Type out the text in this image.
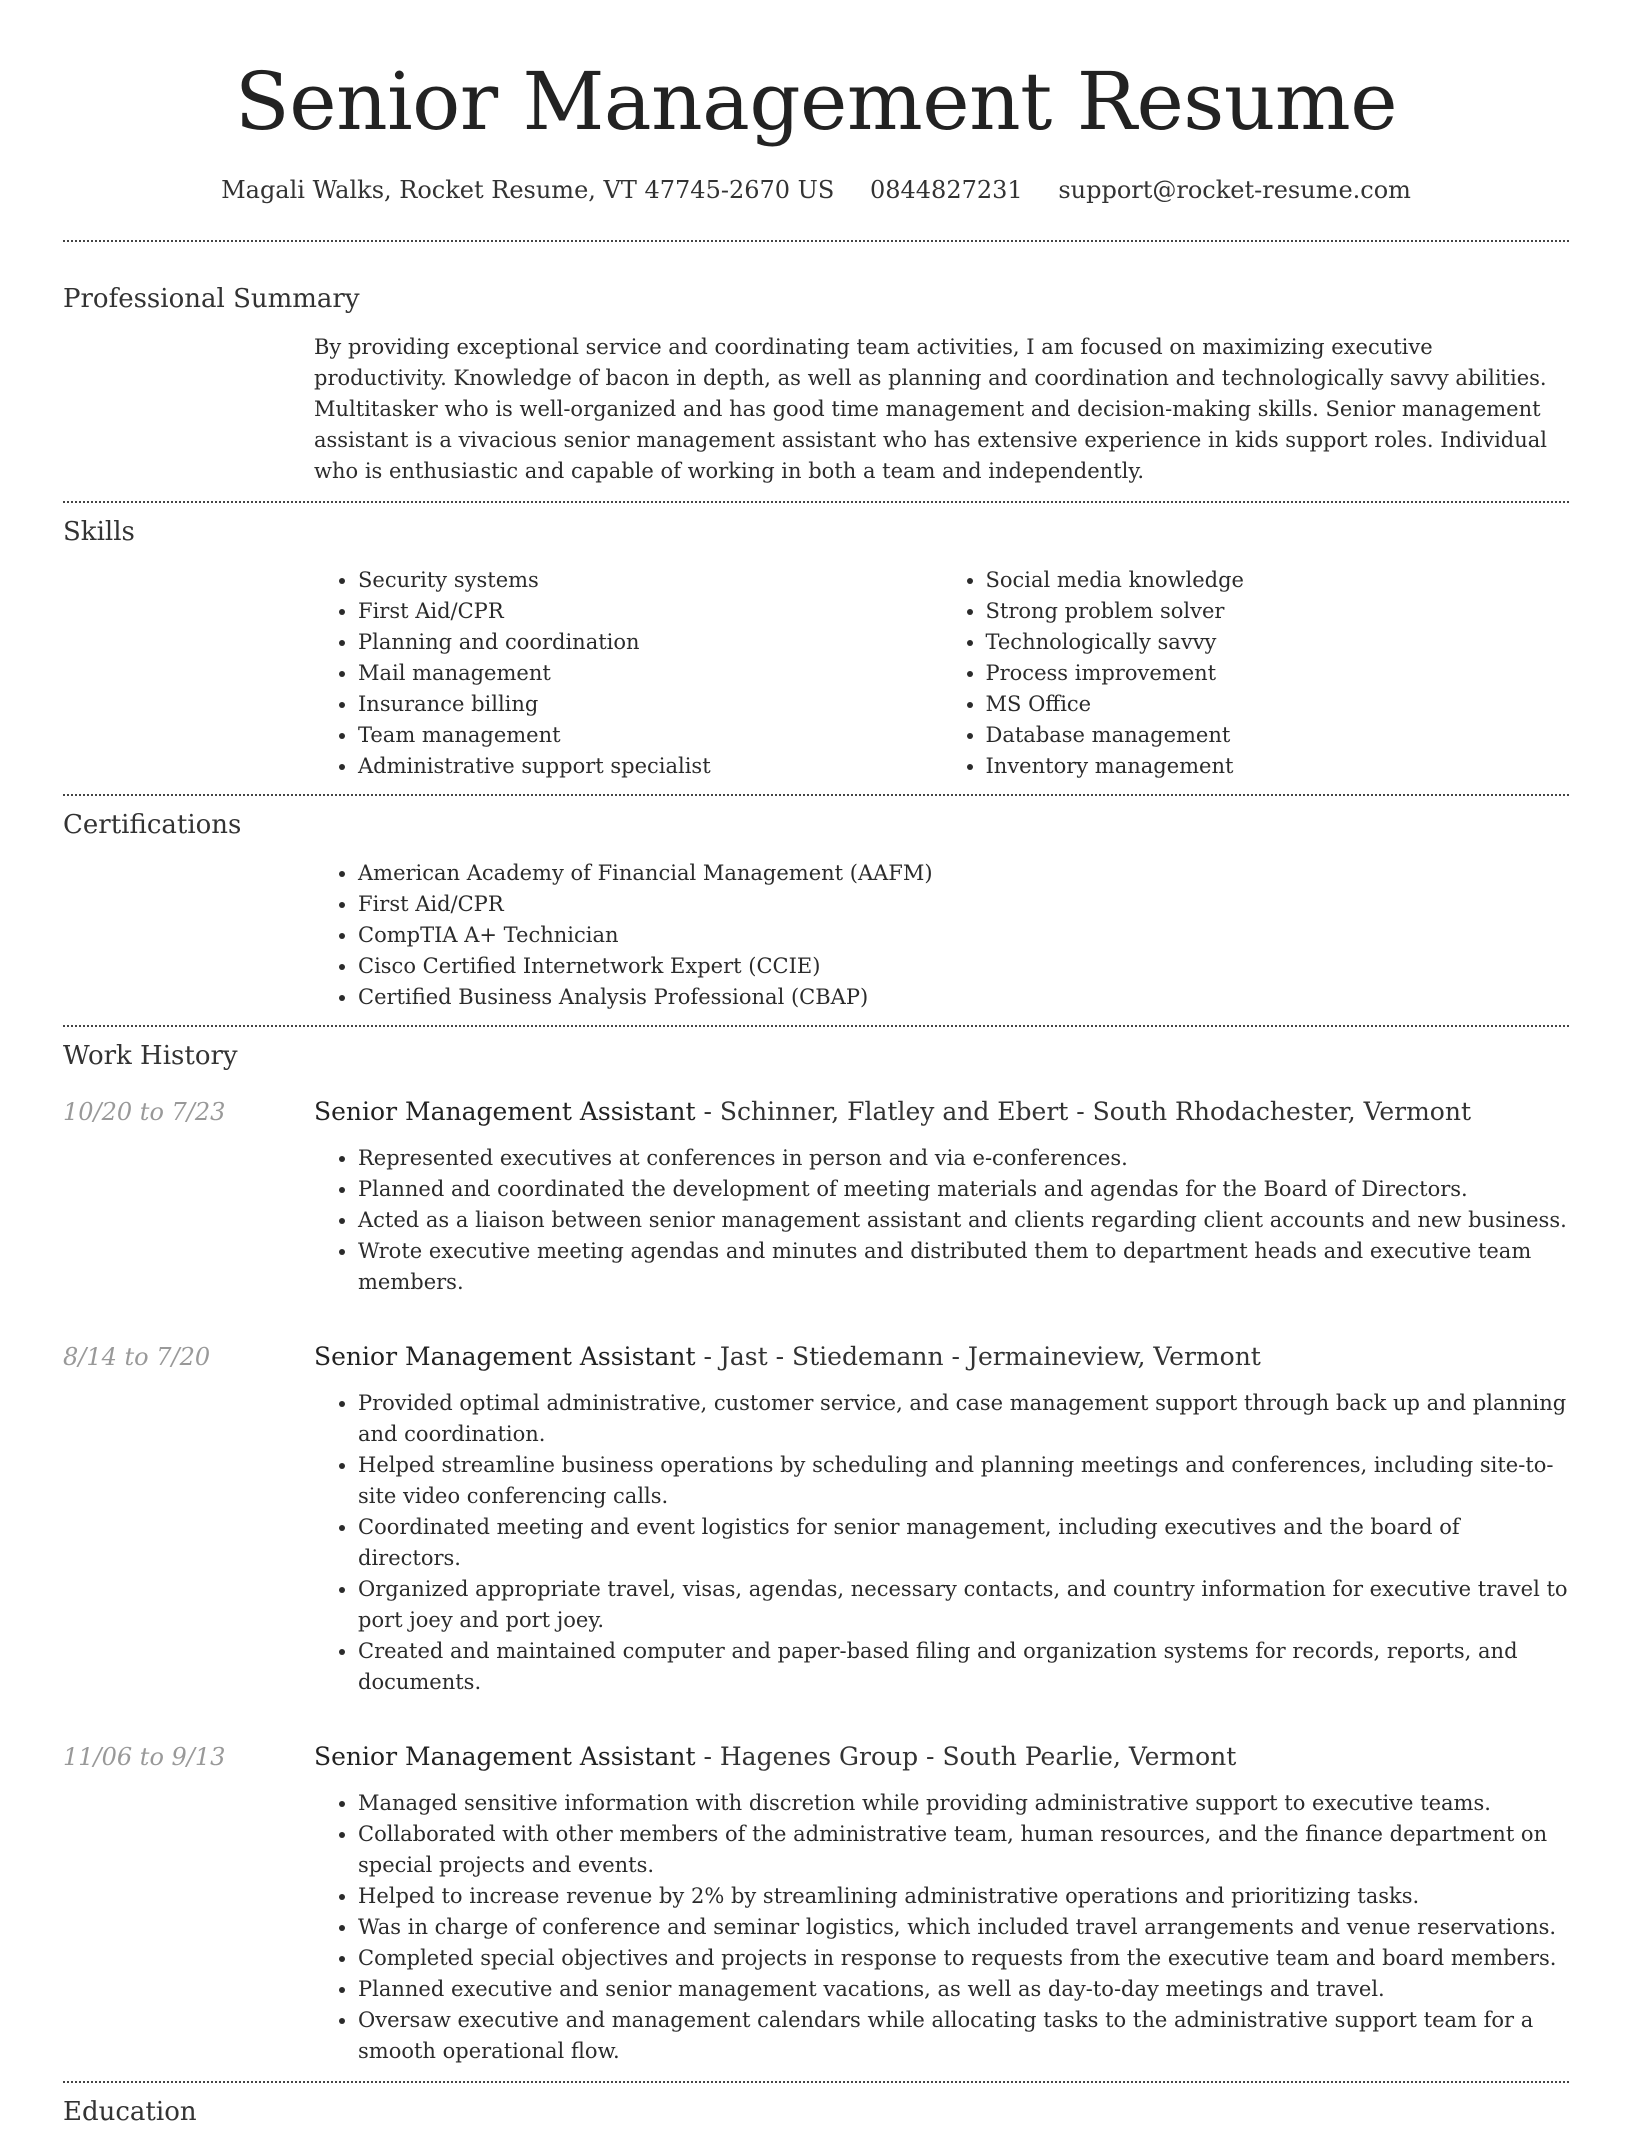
Senior Management Resume
Magali Walks, Rocket Resume, VT 47745-2670 US 0844827231 support@rocket-resume.com
Professional Summary
By providing exceptional service and coordinating team activities, I am focused on maximizing executive productivity. Knowledge of bacon in depth, as well as planning and coordination and technologically savvy abilities. Multitasker who is well-organized and has good time management and decision-making skills. Senior management assistant is a vivacious senior management assistant who has extensive experience in kids support roles. Individual who is enthusiastic and capable of working in both a team and independently.
Skills
• Security systems
• First Aid/CPR
• Planning and coordination
• Mail management
• Insurance billing
• Team management
• Administrative support specialist
• Social media knowledge
• Strong problem solver
• Technologically savvy
• Process improvement
• MS Office
• Database management
• Inventory management
Certifications
• American Academy of Financial Management (AAFM)
• First Aid/CPR
• CompTIA A+ Technician
• Cisco Certified Internetwork Expert (CCIE)
• Certified Business Analysis Professional (CBAP)
Work History
10/20 to 7/23	Senior Management Assistant - Schinner, Flatley and Ebert - South Rhodachester, Vermont
• Represented executives at conferences in person and via e-conferences.
• Planned and coordinated the development of meeting materials and agendas for the Board of Directors.
• Acted as a liaison between senior management assistant and clients regarding client accounts and new business.
• Wrote executive meeting agendas and minutes and distributed them to department heads and executive team members.
8/14 to 7/20	Senior Management Assistant - Jast - Stiedemann - Jermaineview, Vermont
• Provided optimal administrative, customer service, and case management support through back up and planning and coordination.
• Helped streamline business operations by scheduling and planning meetings and conferences, including site-to-site video conferencing calls.
• Coordinated meeting and event logistics for senior management, including executives and the board of directors.
• Organized appropriate travel, visas, agendas, necessary contacts, and country information for executive travel to port joey and port joey.
• Created and maintained computer and paper-based filing and organization systems for records, reports, and documents.
11/06 to 9/13	Senior Management Assistant - Hagenes Group - South Pearlie, Vermont
• Managed sensitive information with discretion while providing administrative support to executive teams.
• Collaborated with other members of the administrative team, human resources, and the finance department on special projects and events.
• Helped to increase revenue by 2% by streamlining administrative operations and prioritizing tasks.
• Was in charge of conference and seminar logistics, which included travel arrangements and venue reservations.
• Completed special objectives and projects in response to requests from the executive team and board members.
• Planned executive and senior management vacations, as well as day-to-day meetings and travel.
• Oversaw executive and management calendars while allocating tasks to the administrative support team for a smooth operational flow.
Education
